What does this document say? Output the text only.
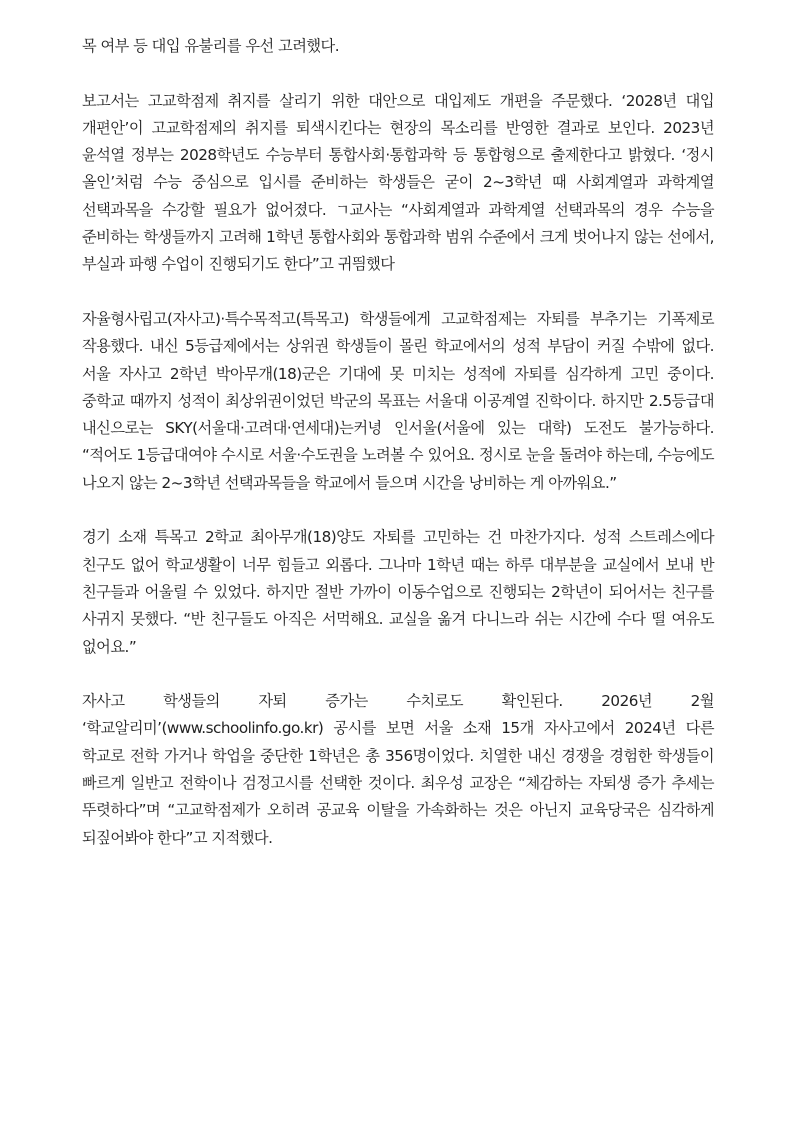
목 여부 등 대입 유불리를 우선 고려했다.

보고서는 고교학점제 취지를 살리기 위한 대안으로 대입제도 개편을 주문했다. ‘2028년 대입 개편안’이 고교학점제의 취지를 퇴색시킨다는 현장의 목소리를 반영한 결과로 보인다. 2023년 윤석열 정부는 2028학년도 수능부터 통합사회·통합과학 등 통합형으로 출제한다고 밝혔다. ‘정시 올인’처럼 수능 중심으로 입시를 준비하는 학생들은 굳이 2~3학년 때 사회계열과 과학계열 선택과목을 수강할 필요가 없어졌다. ㄱ교사는 “사회계열과 과학계열 선택과목의 경우 수능을 준비하는 학생들까지 고려해 1학년 통합사회와 통합과학 범위 수준에서 크게 벗어나지 않는 선에서, 부실과 파행 수업이 진행되기도 한다”고 귀띔했다

자율형사립고(자사고)·특수목적고(특목고) 학생들에게 고교학점제는 자퇴를 부추기는 기폭제로 작용했다. 내신 5등급제에서는 상위권 학생들이 몰린 학교에서의 성적 부담이 커질 수밖에 없다. 서울 자사고 2학년 박아무개(18)군은 기대에 못 미치는 성적에 자퇴를 심각하게 고민 중이다. 중학교 때까지 성적이 최상위권이었던 박군의 목표는 서울대 이공계열 진학이다. 하지만 2.5등급대 내신으로는 SKY(서울대·고려대·연세대)는커녕 인서울(서울에 있는 대학) 도전도 불가능하다. “적어도 1등급대여야 수시로 서울·수도권을 노려볼 수 있어요. 정시로 눈을 돌려야 하는데, 수능에도 나오지 않는 2~3학년 선택과목들을 학교에서 들으며 시간을 낭비하는 게 아까워요.”

경기 소재 특목고 2학교 최아무개(18)양도 자퇴를 고민하는 건 마찬가지다. 성적 스트레스에다 친구도 없어 학교생활이 너무 힘들고 외롭다. 그나마 1학년 때는 하루 대부분을 교실에서 보내 반 친구들과 어울릴 수 있었다. 하지만 절반 가까이 이동수업으로 진행되는 2학년이 되어서는 친구를 사귀지 못했다. “반 친구들도 아직은 서먹해요. 교실을 옮겨 다니느라 쉬는 시간에 수다 떨 여유도 없어요.”

자사고 학생들의 자퇴 증가는 수치로도 확인된다. 2026년 2월 ‘학교알리미’(www.schoolinfo.go.kr) 공시를 보면 서울 소재 15개 자사고에서 2024년 다른 학교로 전학 가거나 학업을 중단한 1학년은 총 356명이었다. 치열한 내신 경쟁을 경험한 학생들이 빠르게 일반고 전학이나 검정고시를 선택한 것이다. 최우성 교장은 “체감하는 자퇴생 증가 추세는 뚜렷하다”며 “고교학점제가 오히려 공교육 이탈을 가속화하는 것은 아닌지 교육당국은 심각하게 되짚어봐야 한다”고 지적했다.
